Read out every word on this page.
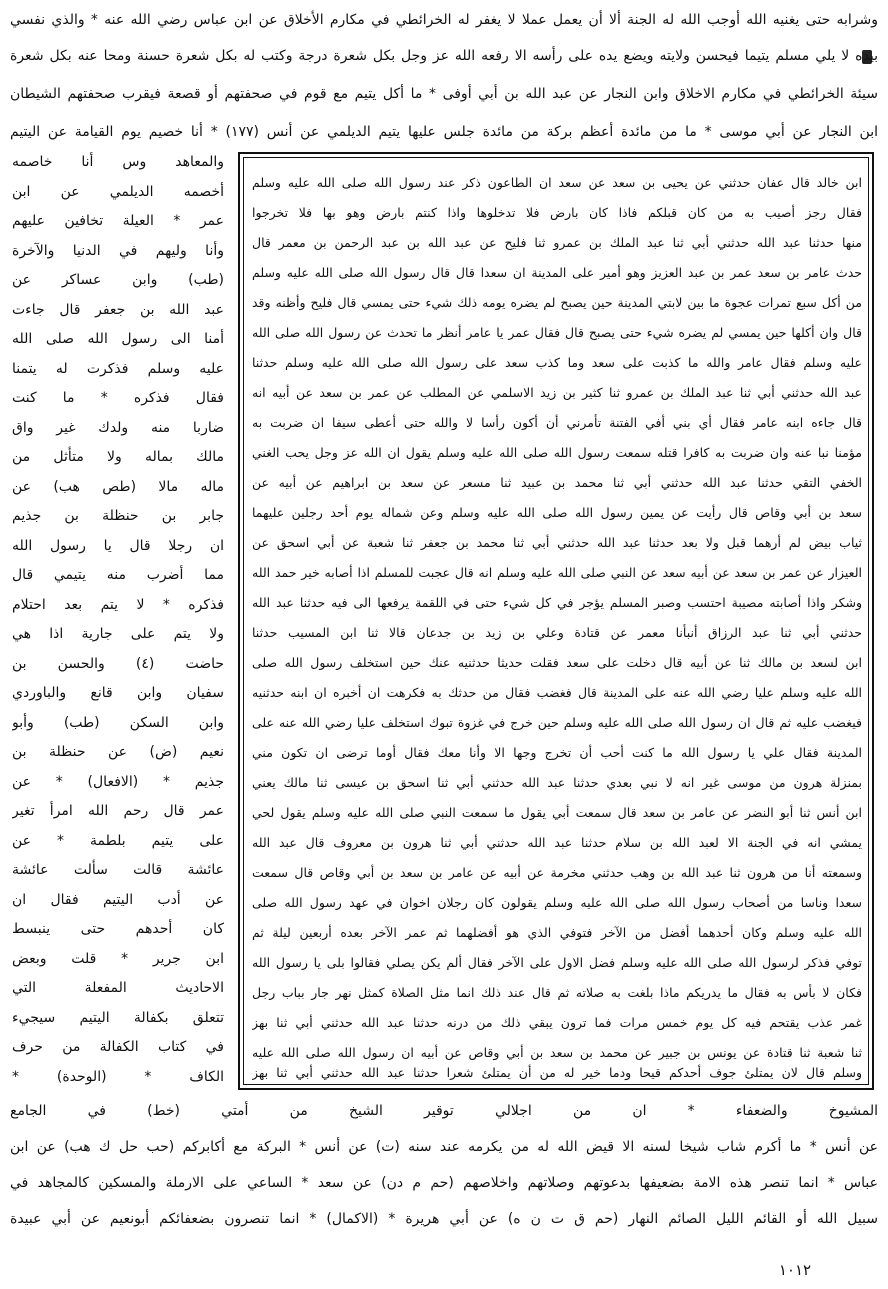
وشرابه حتى يغنيه الله أوجب الله له الجنة ألا أن يعمل عملا لا يغفر له الخرائطي في مكارم الأخلاق عن ابن عباس رضي الله عنه * والذي نفسي
بيده لا يلي مسلم يتيما فيحسن ولايته ويضع يده على رأسه الا رفعه الله عز وجل بكل شعرة درجة وكتب له بكل شعرة حسنة ومحا عنه بكل شعرة
سيئة الخرائطي في مكارم الاخلاق وابن النجار عن عبد الله بن أبي أوفى * ما أكل يتيم مع قوم في صحفتهم أو قصعة فيقرب صحفتهم الشيطان
ابن النجار عن أبي موسى * ما من مائدة أعظم بركة من مائدة جلس عليها يتيم الديلمي عن أنس (١٧٧) * أنا خصيم يوم القيامة عن اليتيم
ابن خالد قال عفان حدثني عن يحيى بن سعد عن سعد ان الطاعون ذكر عند رسول الله صلى الله عليه وسلم
فقال رجز أصيب به من كان قبلكم فاذا كان بارض فلا تدخلوها واذا كنتم بارض وهو بها فلا تخرجوا
منها حدثنا عبد الله حدثني أبي ثنا عبد الملك بن عمرو ثنا فليح عن عبد الله بن عبد الرحمن بن معمر قال
حدث عامر بن سعد عمر بن عبد العزيز وهو أمير على المدينة ان سعدا قال قال رسول الله صلى الله عليه وسلم
من أكل سبع تمرات عجوة ما بين لابتي المدينة حين يصبح لم يضره يومه ذلك شيء حتى يمسي قال فليح وأظنه وقد
قال وان أكلها حين يمسي لم يضره شيء حتى يصبح قال فقال عمر يا عامر أنظر ما تحدث عن رسول الله صلى الله
عليه وسلم فقال عامر والله ما كذبت على سعد وما كذب سعد على رسول الله صلى الله عليه وسلم حدثنا
عبد الله حدثني أبي ثنا عبد الملك بن عمرو ثنا كثير بن زيد الاسلمي عن المطلب عن عمر بن سعد عن أبيه انه
قال جاءه ابنه عامر فقال أي بني أفي الفتنة تأمرني أن أكون رأسا لا والله حتى أعطى سيفا ان ضربت به
مؤمنا نبا عنه وان ضربت به كافرا قتله سمعت رسول الله صلى الله عليه وسلم يقول ان الله عز وجل يحب الغني
الخفي التقي حدثنا عبد الله حدثني أبي ثنا محمد بن عبيد ثنا مسعر عن سعد بن ابراهيم عن أبيه عن
سعد بن أبي وقاص قال رأيت عن يمين رسول الله صلى الله عليه وسلم وعن شماله يوم أحد رجلين عليهما
ثياب بيض لم أرهما قبل ولا بعد حدثنا عبد الله حدثني أبي ثنا محمد بن جعفر ثنا شعبة عن أبي اسحق عن
العيزار عن عمر بن سعد عن أبيه سعد عن النبي صلى الله عليه وسلم انه قال عجبت للمسلم اذا أصابه خير حمد الله
وشكر واذا أصابته مصيبة احتسب وصبر المسلم يؤجر في كل شيء حتى في اللقمة يرفعها الى فيه حدثنا عبد الله
حدثني أبي ثنا عبد الرزاق أنبأنا معمر عن قتادة وعلي بن زيد بن جدعان قالا ثنا ابن المسيب حدثنا
ابن لسعد بن مالك ثنا عن أبيه قال دخلت على سعد فقلت حديثا حدثنيه عنك حين استخلف رسول الله صلى
الله عليه وسلم عليا رضي الله عنه على المدينة قال فغضب فقال من حدثك به فكرهت ان أخبره ان ابنه حدثنيه
فيغضب عليه ثم قال ان رسول الله صلى الله عليه وسلم حين خرج في غزوة تبوك استخلف عليا رضي الله عنه على
المدينة فقال علي يا رسول الله ما كنت أحب أن تخرج وجها الا وأنا معك فقال أوما ترضى ان تكون مني
بمنزلة هرون من موسى غير انه لا نبي بعدي حدثنا عبد الله حدثني أبي ثنا اسحق بن عيسى ثنا مالك يعني
ابن أنس ثنا أبو النضر عن عامر بن سعد قال سمعت أبي يقول ما سمعت النبي صلى الله عليه وسلم يقول لحي
يمشي انه في الجنة الا لعبد الله بن سلام حدثنا عبد الله حدثني أبي ثنا هرون بن معروف قال عبد الله
وسمعته أنا من هرون ثنا عبد الله بن وهب حدثني مخرمة عن أبيه عن عامر بن سعد بن أبي وقاص قال سمعت
سعدا وناسا من أصحاب رسول الله صلى الله عليه وسلم يقولون كان رجلان اخوان في عهد رسول الله صلى
الله عليه وسلم وكان أحدهما أفضل من الآخر فتوفي الذي هو أفضلهما ثم عمر الآخر بعده أربعين ليلة ثم
توفي فذكر لرسول الله صلى الله عليه وسلم فضل الاول على الآخر فقال ألم يكن يصلي فقالوا بلى يا رسول الله
فكان لا بأس به فقال ما يدريكم ماذا بلغت به صلاته ثم قال عند ذلك انما مثل الصلاة كمثل نهر جار بباب رجل
غمر عذب يقتحم فيه كل يوم خمس مرات فما ترون يبقي ذلك من درنه حدثنا عبد الله حدثني أبي ثنا بهز
ثنا شعبة ثنا قتادة عن يونس بن جبير عن محمد بن سعد بن أبي وقاص عن أبيه ان رسول الله صلى الله عليه
وسلم قال لان يمتلئ جوف أحدكم قيحا ودما خير له من أن يمتلئ شعرا حدثنا عبد الله حدثني أبي ثنا بهز
والمعاهد وس أنا خاصمه
أخصمه الديلمي عن ابن
عمر * العيلة تخافين عليهم
وأنا وليهم في الدنيا والآخرة
(طب) وابن عساكر عن
عبد الله بن جعفر قال جاءت
أمنا الى رسول الله صلى الله
عليه وسلم فذكرت له يتمنا
فقال فذكره * ما كنت
ضاربا منه ولدك غير واق
مالك بماله ولا متأثل من
ماله مالا (طص هب) عن
جابر بن حنظلة بن جذيم
ان رجلا قال يا رسول الله
مما أضرب منه يتيمي قال
فذكره * لا يتم بعد احتلام
ولا يتم على جارية اذا هي
حاضت (٤) والحسن بن
سفيان وابن قانع والباوردي
وابن السكن (طب) وأبو
نعيم (ض) عن حنظلة بن
جذيم * (الافعال) * عن
عمر قال رحم الله امرأ تغير
على يتيم بلطمة * عن
عائشة قالت سألت عائشة
عن أدب اليتيم فقال ان
كان أحدهم حتى ينبسط
ابن جرير * قلت وبعض
الاحاديث المفعلة التي
تتعلق بكفالة اليتيم سيجيء
في كتاب الكفالة من حرف
الكاف * (الوحدة) *
المشيوخ والضعفاء * ان من اجلالي توقير الشيخ من أمتي (خط) في الجامع
عن أنس * ما أكرم شاب شيخا لسنه الا قيض الله له من يكرمه عند سنه (ت) عن أنس * البركة مع أكابركم (حب حل ك هب) عن ابن
عباس * انما تنصر هذه الامة بضعيفها بدعوتهم وصلاتهم واخلاصهم (حم م دن) عن سعد * الساعي على الارملة والمسكين كالمجاهد في
سبيل الله أو القائم الليل الصائم النهار (حم ق ت ن ه) عن أبي هريرة * (الاكمال) * انما تنصرون بضعفائكم أبونعيم عن أبي عبيدة
١٠١٢
